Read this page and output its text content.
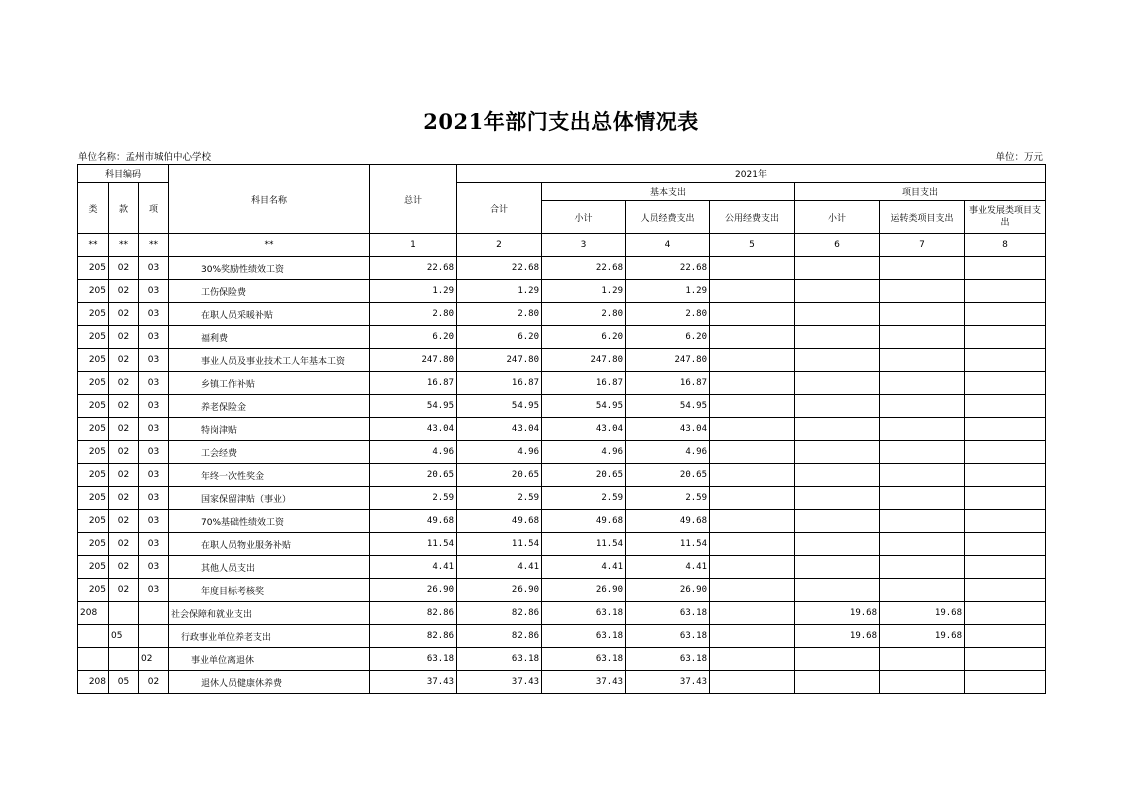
2021年部门支出总体情况表
单位名称：孟州市城伯中心学校	单位：万元
科目编码			科目名称	总计	2021年						
类	款	项			合计	基本支出			项目支出		
						小计	人员经费支出	公用经费支出	小计	运转类项目支出	事业发展类项目支出
**	**	**	**	1	2	3	4	5	6	7	8
205	02	03	30%奖励性绩效工资	22.68	22.68	22.68	22.68				
205	02	03	工伤保险费	1.29	1.29	1.29	1.29				
205	02	03	在职人员采暖补贴	2.80	2.80	2.80	2.80				
205	02	03	福利费	6.20	6.20	6.20	6.20				
205	02	03	事业人员及事业技术工人年基本工资	247.80	247.80	247.80	247.80				
205	02	03	乡镇工作补贴	16.87	16.87	16.87	16.87				
205	02	03	养老保险金	54.95	54.95	54.95	54.95				
205	02	03	特岗津贴	43.04	43.04	43.04	43.04				
205	02	03	工会经费	4.96	4.96	4.96	4.96				
205	02	03	年终一次性奖金	20.65	20.65	20.65	20.65				
205	02	03	国家保留津贴（事业）	2.59	2.59	2.59	2.59				
205	02	03	70%基础性绩效工资	49.68	49.68	49.68	49.68				
205	02	03	在职人员物业服务补贴	11.54	11.54	11.54	11.54				
205	02	03	其他人员支出	4.41	4.41	4.41	4.41				
205	02	03	年度目标考核奖	26.90	26.90	26.90	26.90				
208			社会保障和就业支出	82.86	82.86	63.18	63.18		19.68	19.68	
	05		行政事业单位养老支出	82.86	82.86	63.18	63.18		19.68	19.68	
		02	事业单位离退休	63.18	63.18	63.18	63.18				
208	05	02	退休人员健康休养费	37.43	37.43	37.43	37.43				
